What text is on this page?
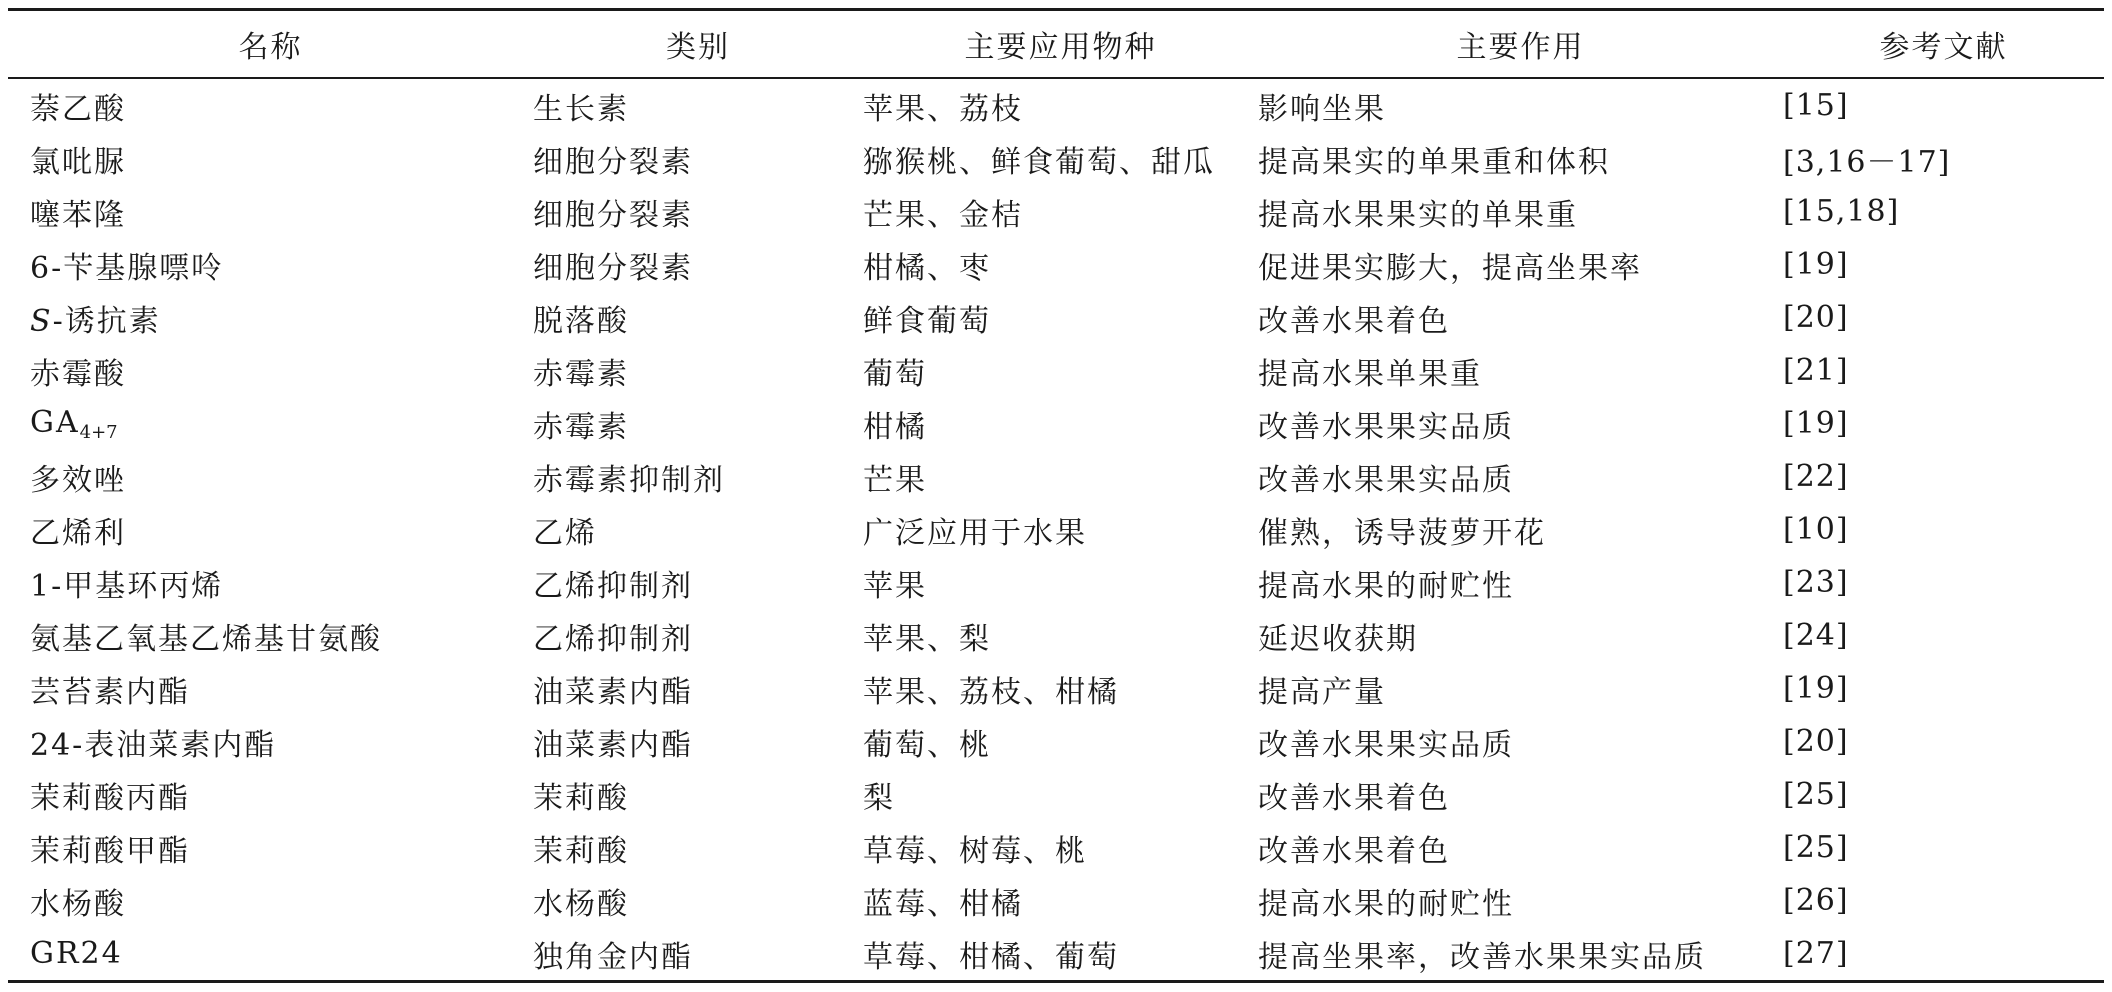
名称	类别	主要应用物种	主要作用	参考文献
萘乙酸	生长素	苹果、荔枝	影响坐果	[15]
氯吡脲	细胞分裂素	猕猴桃、鲜食葡萄、甜瓜	提高果实的单果重和体积	[3,16－17]
噻苯隆	细胞分裂素	芒果、金桔	提高水果果实的单果重	[15,18]
6-苄基腺嘌呤	细胞分裂素	柑橘、枣	促进果实膨大，提高坐果率	[19]
S-诱抗素	脱落酸	鲜食葡萄	改善水果着色	[20]
赤霉酸	赤霉素	葡萄	提高水果单果重	[21]
$GA_{4+7}$	赤霉素	柑橘	改善水果果实品质	[19]
多效唑	赤霉素抑制剂	芒果	改善水果果实品质	[22]
乙烯利	乙烯	广泛应用于水果	催熟，诱导菠萝开花	[10]
1-甲基环丙烯	乙烯抑制剂	苹果	提高水果的耐贮性	[23]
氨基乙氧基乙烯基甘氨酸	乙烯抑制剂	苹果、梨	延迟收获期	[24]
芸苔素内酯	油菜素内酯	苹果、荔枝、柑橘	提高产量	[19]
24-表油菜素内酯	油菜素内酯	葡萄、桃	改善水果果实品质	[20]
茉莉酸丙酯	茉莉酸	梨	改善水果着色	[25]
茉莉酸甲酯	茉莉酸	草莓、树莓、桃	改善水果着色	[25]
水杨酸	水杨酸	蓝莓、柑橘	提高水果的耐贮性	[26]
GR24	独角金内酯	草莓、柑橘、葡萄	提高坐果率，改善水果果实品质	[27]
